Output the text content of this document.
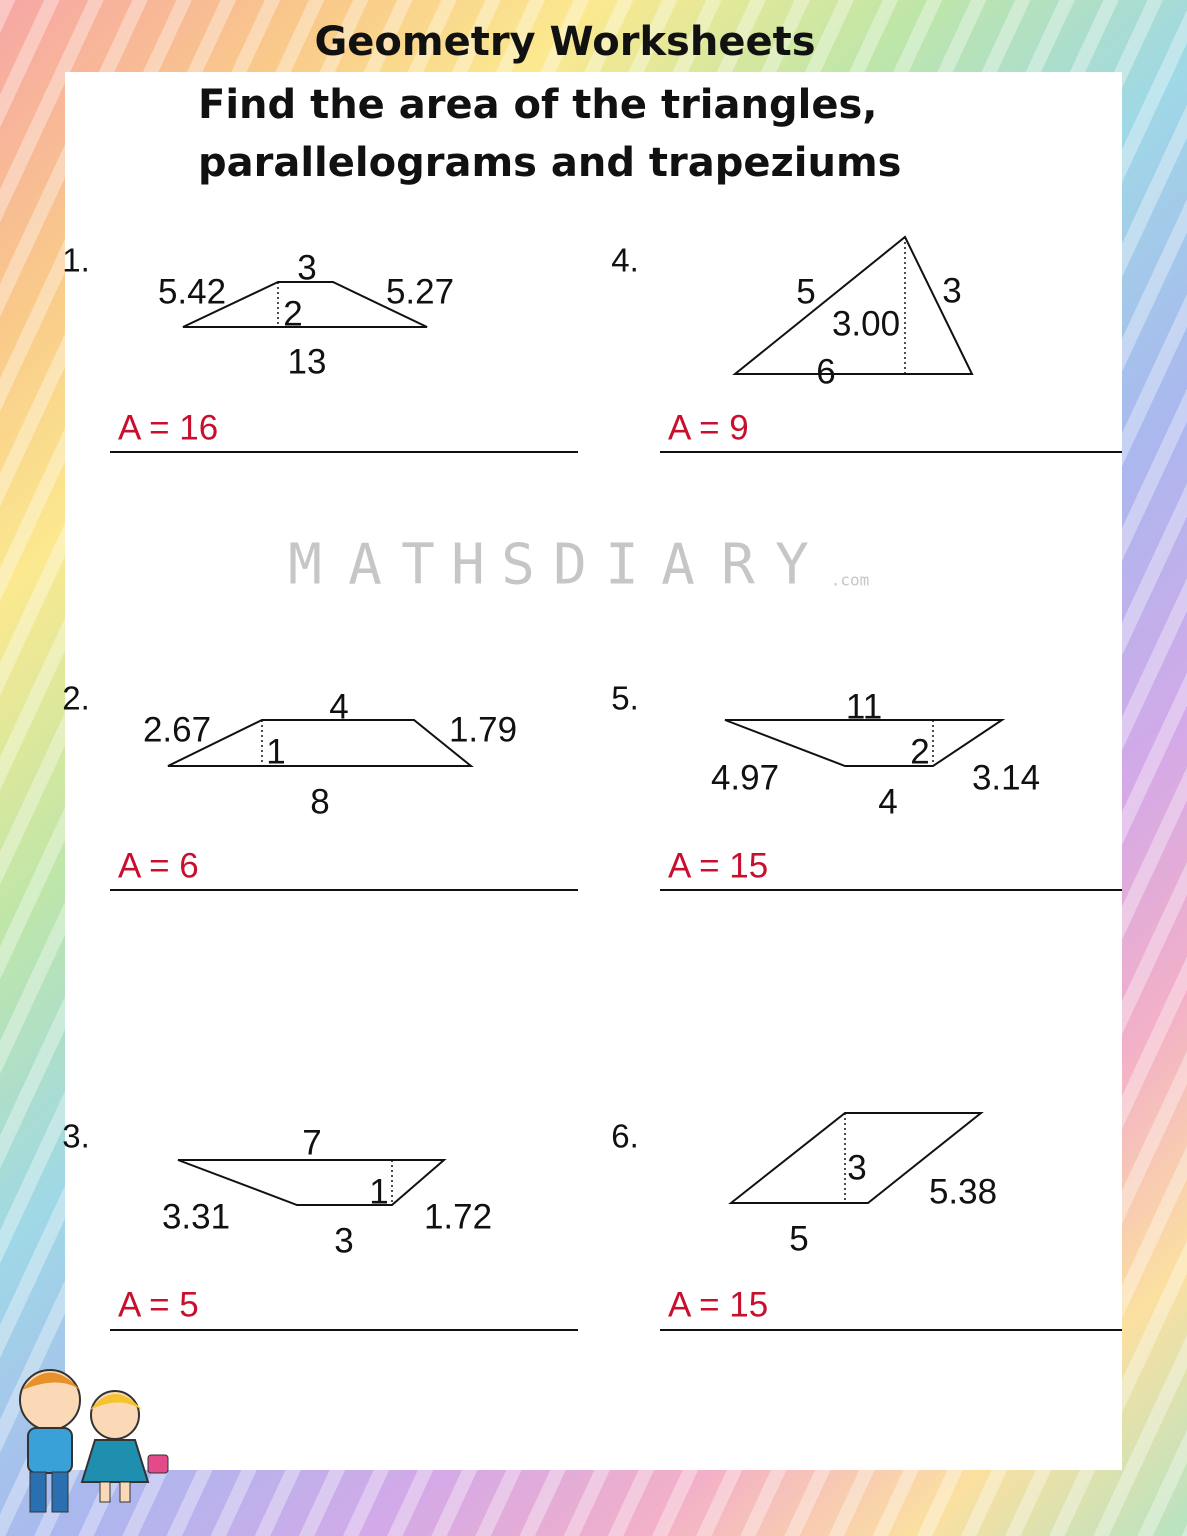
Geometry Worksheets
Find the area of the triangles,
parallelograms and trapeziums
M A T H S D I A R Y .com
1.	3
5.42	5.27
2
13
A = 16
4.
5	3
3.00
6
A = 9
2.	4
2.67	1.79
1
8
A = 6
5.	11
2
4.97	3.14
4
A = 15
3.	7
1
3.31	1.72
3
A = 5
6.
3
5.38
5
A = 15
